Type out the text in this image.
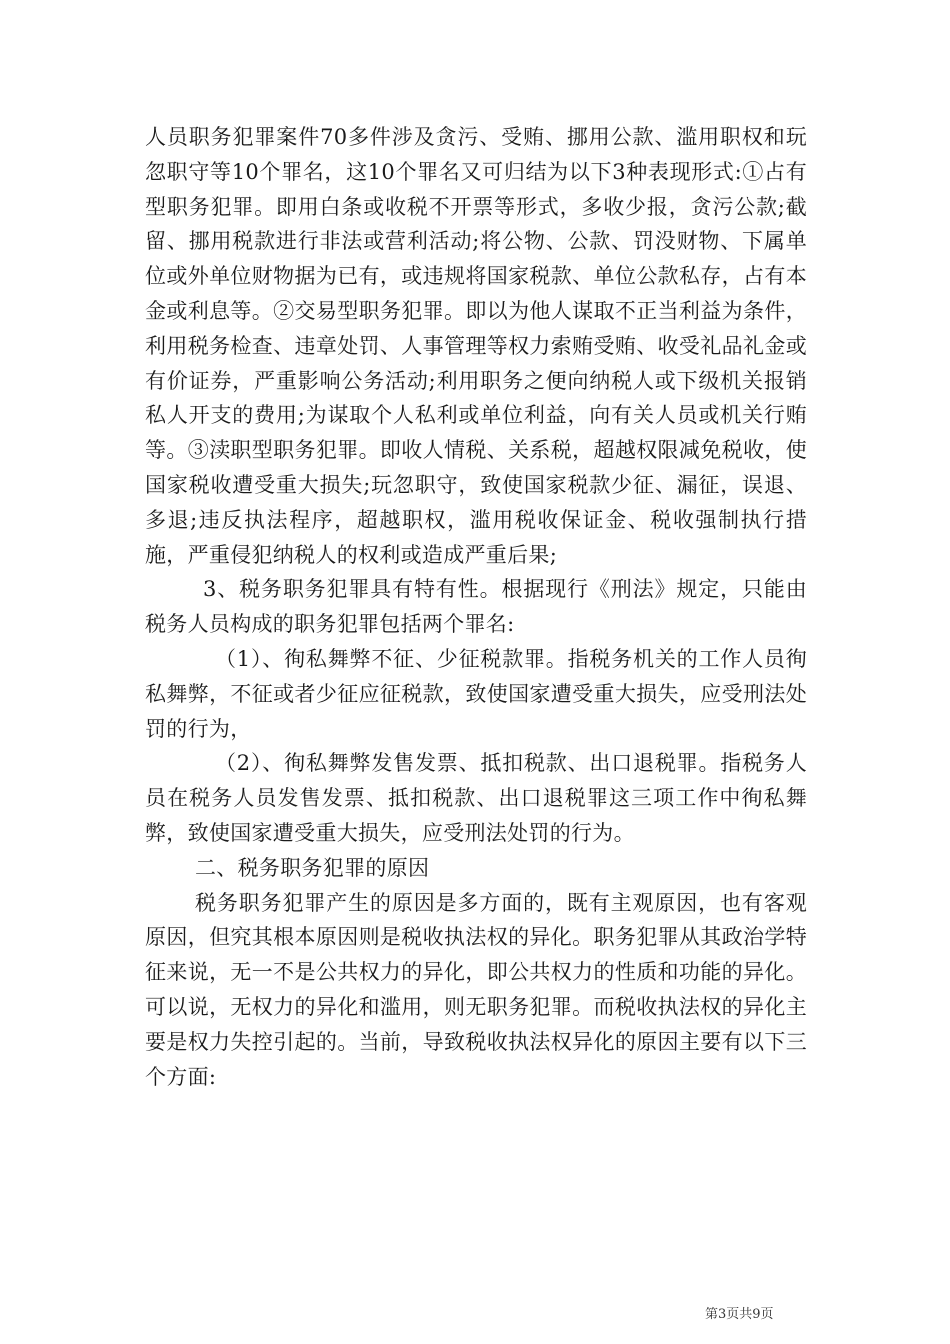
人员职务犯罪案件70多件涉及贪污、受贿、挪用公款、滥用职权和玩忽职守等10个罪名，这10个罪名又可归结为以下3种表现形式:①占有型职务犯罪。即用白条或收税不开票等形式，多收少报，贪污公款;截留、挪用税款进行非法或营利活动;将公物、公款、罚没财物、下属单位或外单位财物据为已有，或违规将国家税款、单位公款私存，占有本金或利息等。②交易型职务犯罪。即以为他人谋取不正当利益为条件，利用税务检查、违章处罚、人事管理等权力索贿受贿、收受礼品礼金或有价证券，严重影响公务活动;利用职务之便向纳税人或下级机关报销私人开支的费用;为谋取个人私利或单位利益，向有关人员或机关行贿等。③渎职型职务犯罪。即收人情税、关系税，超越权限减免税收，使国家税收遭受重大损失;玩忽职守，致使国家税款少征、漏征，误退、多退;违反执法程序，超越职权，滥用税收保证金、税收强制执行措施，严重侵犯纳税人的权利或造成严重后果;

3、税务职务犯罪具有特有性。根据现行《刑法》规定，只能由税务人员构成的职务犯罪包括两个罪名:

（1）、徇私舞弊不征、少征税款罪。指税务机关的工作人员徇私舞弊，不征或者少征应征税款，致使国家遭受重大损失，应受刑法处罚的行为，

（2）、徇私舞弊发售发票、抵扣税款、出口退税罪。指税务人员在税务人员发售发票、抵扣税款、出口退税罪这三项工作中徇私舞弊，致使国家遭受重大损失，应受刑法处罚的行为。

二、税务职务犯罪的原因

税务职务犯罪产生的原因是多方面的，既有主观原因，也有客观原因，但究其根本原因则是税收执法权的异化。职务犯罪从其政治学特征来说，无一不是公共权力的异化，即公共权力的性质和功能的异化。可以说，无权力的异化和滥用，则无职务犯罪。而税收执法权的异化主要是权力失控引起的。当前，导致税收执法权异化的原因主要有以下三个方面:

第3页共9页
